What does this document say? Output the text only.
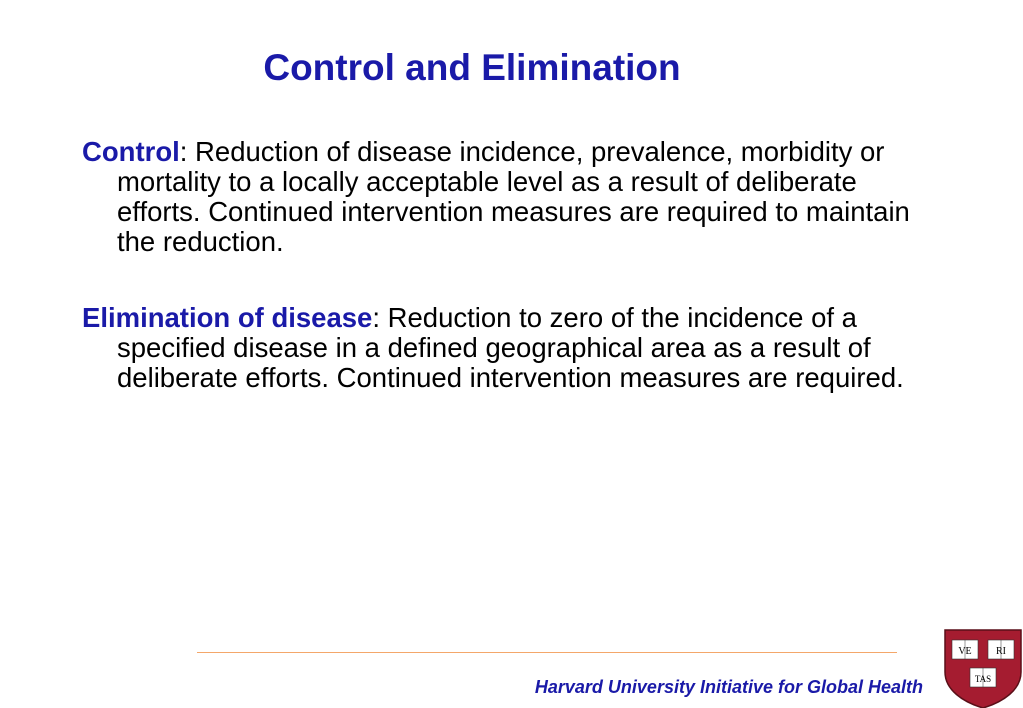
Control and Elimination

Control: Reduction of disease incidence, prevalence, morbidity or mortality to a locally acceptable level as a result of deliberate efforts. Continued intervention measures are required to maintain the reduction.

Elimination of disease: Reduction to zero of the incidence of a specified disease in a defined geographical area as a result of deliberate efforts. Continued intervention measures are required.

Harvard University Initiative for Global Health
VE RI
TAS
